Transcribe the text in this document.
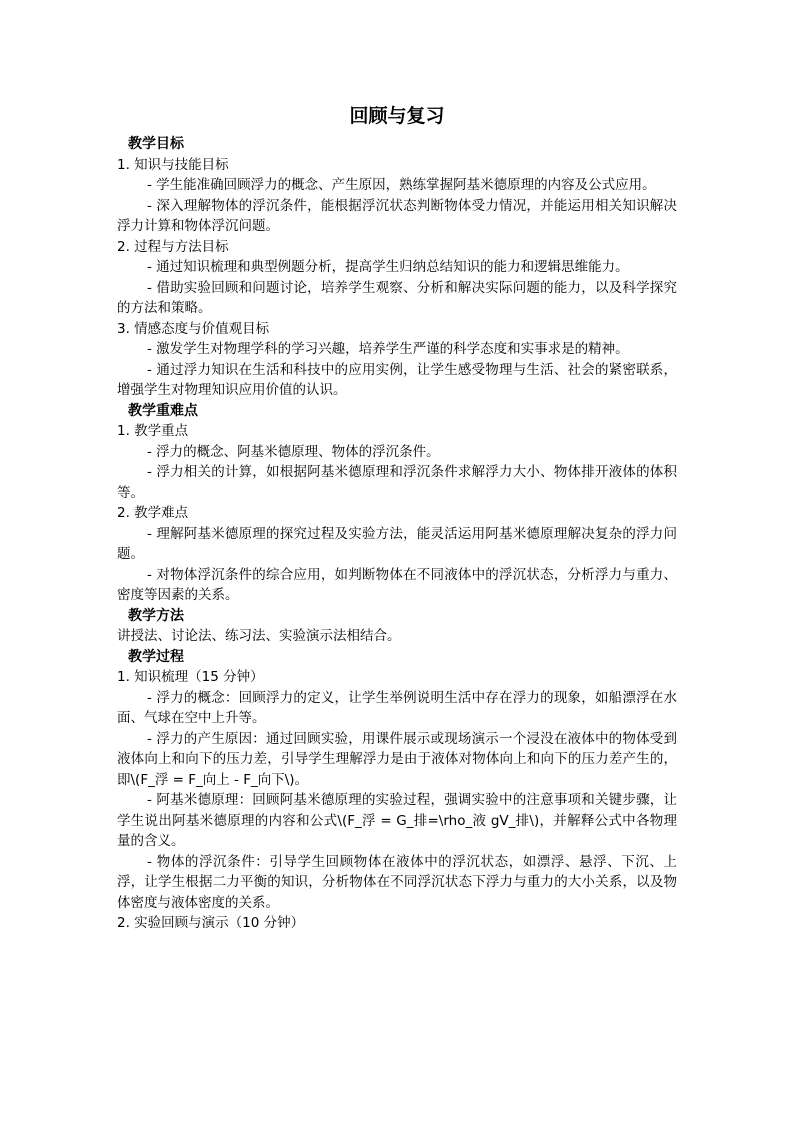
回顾与复习
教学目标
1. 知识与技能目标
- 学生能准确回顾浮力的概念、产生原因，熟练掌握阿基米德原理的内容及公式应用。
- 深入理解物体的浮沉条件，能根据浮沉状态判断物体受力情况，并能运用相关知识解决浮力计算和物体浮沉问题。
2. 过程与方法目标
- 通过知识梳理和典型例题分析，提高学生归纳总结知识的能力和逻辑思维能力。
- 借助实验回顾和问题讨论，培养学生观察、分析和解决实际问题的能力，以及科学探究的方法和策略。
3. 情感态度与价值观目标
- 激发学生对物理学科的学习兴趣，培养学生严谨的科学态度和实事求是的精神。
- 通过浮力知识在生活和科技中的应用实例，让学生感受物理与生活、社会的紧密联系，增强学生对物理知识应用价值的认识。
教学重难点
1. 教学重点
- 浮力的概念、阿基米德原理、物体的浮沉条件。
- 浮力相关的计算，如根据阿基米德原理和浮沉条件求解浮力大小、物体排开液体的体积等。
2. 教学难点
- 理解阿基米德原理的探究过程及实验方法，能灵活运用阿基米德原理解决复杂的浮力问题。
- 对物体浮沉条件的综合应用，如判断物体在不同液体中的浮沉状态，分析浮力与重力、密度等因素的关系。
教学方法
讲授法、讨论法、练习法、实验演示法相结合。
教学过程
1. 知识梳理（15 分钟）
- 浮力的概念：回顾浮力的定义，让学生举例说明生活中存在浮力的现象，如船漂浮在水面、气球在空中上升等。
- 浮力的产生原因：通过回顾实验，用课件展示或现场演示一个浸没在液体中的物体受到液体向上和向下的压力差，引导学生理解浮力是由于液体对物体向上和向下的压力差产生的，即\(F_浮 = F_向上 - F_向下\)。
- 阿基米德原理：回顾阿基米德原理的实验过程，强调实验中的注意事项和关键步骤，让学生说出阿基米德原理的内容和公式\(F_浮 = G_排=\rho_液 gV_排\)，并解释公式中各物理量的含义。
- 物体的浮沉条件：引导学生回顾物体在液体中的浮沉状态，如漂浮、悬浮、下沉、上浮，让学生根据二力平衡的知识，分析物体在不同浮沉状态下浮力与重力的大小关系，以及物体密度与液体密度的关系。
2. 实验回顾与演示（10 分钟）
